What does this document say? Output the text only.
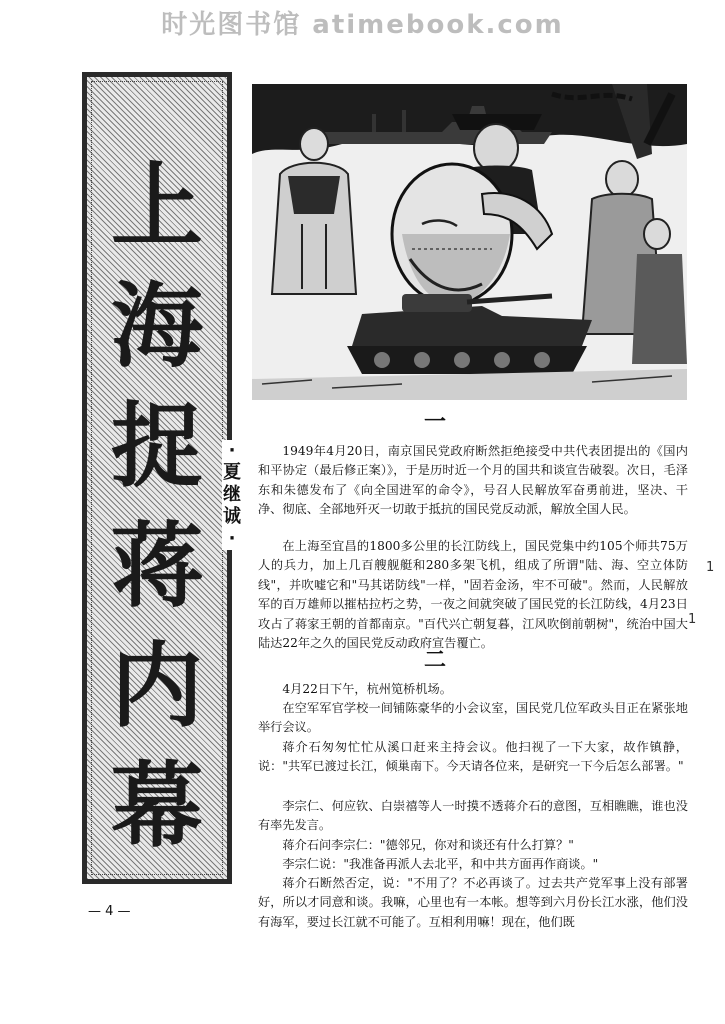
时光图书馆 atimebook.com
上
海
捉
蒋
内
幕
·
夏
继
诚
·
一

1949年4月20日，南京国民党政府断然拒绝接受中共代表团提出的《国内和平协定（最后修正案）》，于是历时近一个月的国共和谈宣告破裂。次日，毛泽东和朱德发布了《向全国进军的命令》，号召人民解放军奋勇前进，坚决、干净、彻底、全部地歼灭一切敢于抵抗的国民党反动派，解放全国人民。

在上海至宜昌的1800多公里的长江防线上，国民党集中约105个师共75万人的兵力，加上几百艘舰艇和280多架飞机，组成了所谓"陆、海、空立体防线"，并吹嘘它和"马其诺防线"一样，"固若金汤，牢不可破"。然而，人民解放军的百万雄师以摧枯拉朽之势，一夜之间就突破了国民党的长江防线，4月23日攻占了蒋家王朝的首都南京。"百代兴亡朝复暮，江风吹倒前朝树"，统治中国大陆达22年之久的国民党反动政府宣告覆亡。

二

4月22日下午，杭州笕桥机场。

在空军军官学校一间铺陈豪华的小会议室，国民党几位军政头目正在紧张地举行会议。

蒋介石匆匆忙忙从溪口赶来主持会议。他扫视了一下大家，故作镇静，说："共军已渡过长江，倾巢南下。今天请各位来，是研究一下今后怎么部署。"

李宗仁、何应钦、白崇禧等人一时摸不透蒋介石的意图，互相瞧瞧，谁也没有率先发言。

蒋介石问李宗仁："德邻兄，你对和谈还有什么打算？"

李宗仁说："我准备再派人去北平，和中共方面再作商谈。"

蒋介石断然否定，说："不用了？不必再谈了。过去共产党军事上没有部署好，所以才同意和谈。我嘛，心里也有一本帐。想等到六月份长江水涨，他们没有海军，要过长江就不可能了。互相利用嘛！现在，他们既

1
1
— 4 —
